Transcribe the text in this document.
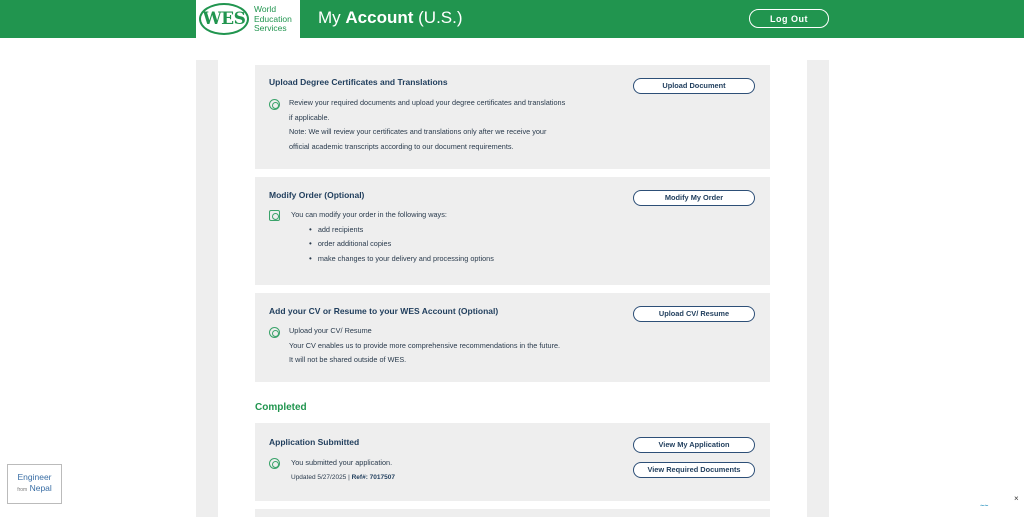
WES World
Education
Services
My Account (U.S.)	Log Out
Upload Degree Certificates and Translations	Upload Document
Review your required documents and upload your degree certificates and translations
if applicable.
Note: We will review your certificates and translations only after we receive your
official academic transcripts according to our document requirements.
Modify Order (Optional)	Modify My Order
You can modify your order in the following ways:
• add recipients
• order additional copies
• make changes to your delivery and processing options
Add your CV or Resume to your WES Account (Optional)	Upload CV/ Resume
Upload your CV/ Resume
Your CV enables us to provide more comprehensive recommendations in the future.
It will not be shared outside of WES.
Completed
Application Submitted	View My Application
View Required Documents
You submitted your application.
Updated 5/27/2025 | Ref#: 7017507
Engineer
from Nepal
×
~~
